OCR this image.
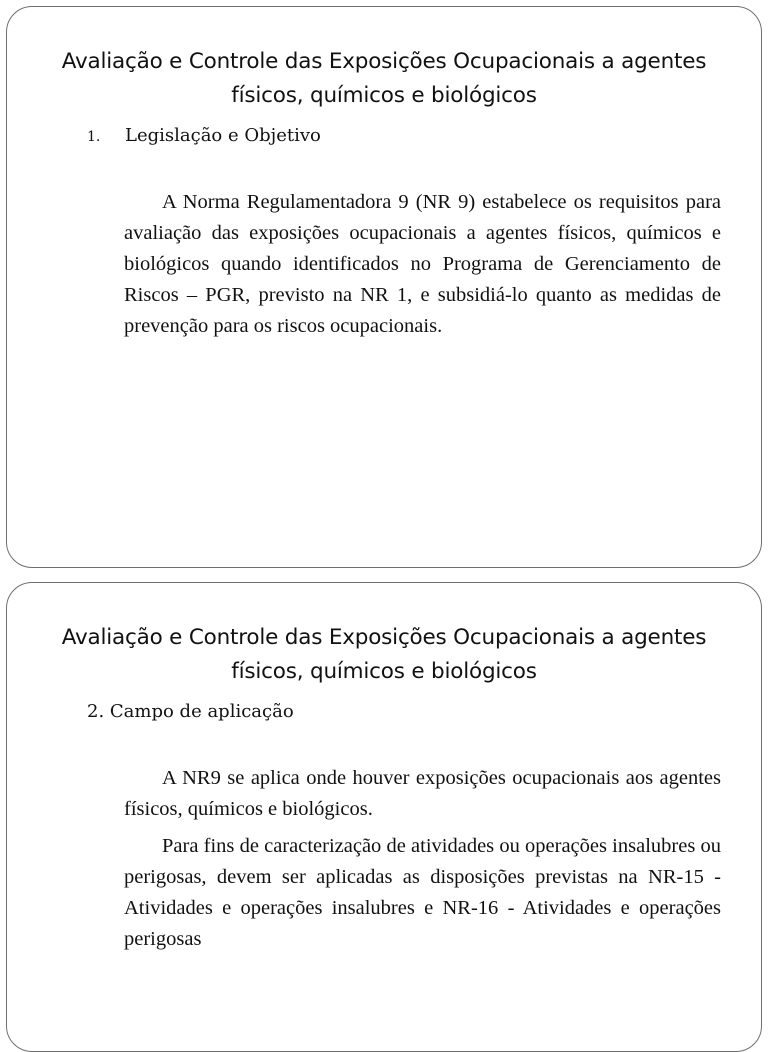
Avaliação e Controle das Exposições Ocupacionais a agentes físicos, químicos e biológicos
1. Legislação e Objetivo

A Norma Regulamentadora 9 (NR 9) estabelece os requisitos para avaliação das exposições ocupacionais a agentes físicos, químicos e biológicos quando identificados no Programa de Gerenciamento de Riscos – PGR, previsto na NR 1, e subsidiá-lo quanto as medidas de prevenção para os riscos ocupacionais.

Avaliação e Controle das Exposições Ocupacionais a agentes físicos, químicos e biológicos
2. Campo de aplicação

A NR9 se aplica onde houver exposições ocupacionais aos agentes físicos, químicos e biológicos.

Para fins de caracterização de atividades ou operações insalubres ou perigosas, devem ser aplicadas as disposições previstas na NR-15 - Atividades e operações insalubres e NR-16 - Atividades e operações perigosas
